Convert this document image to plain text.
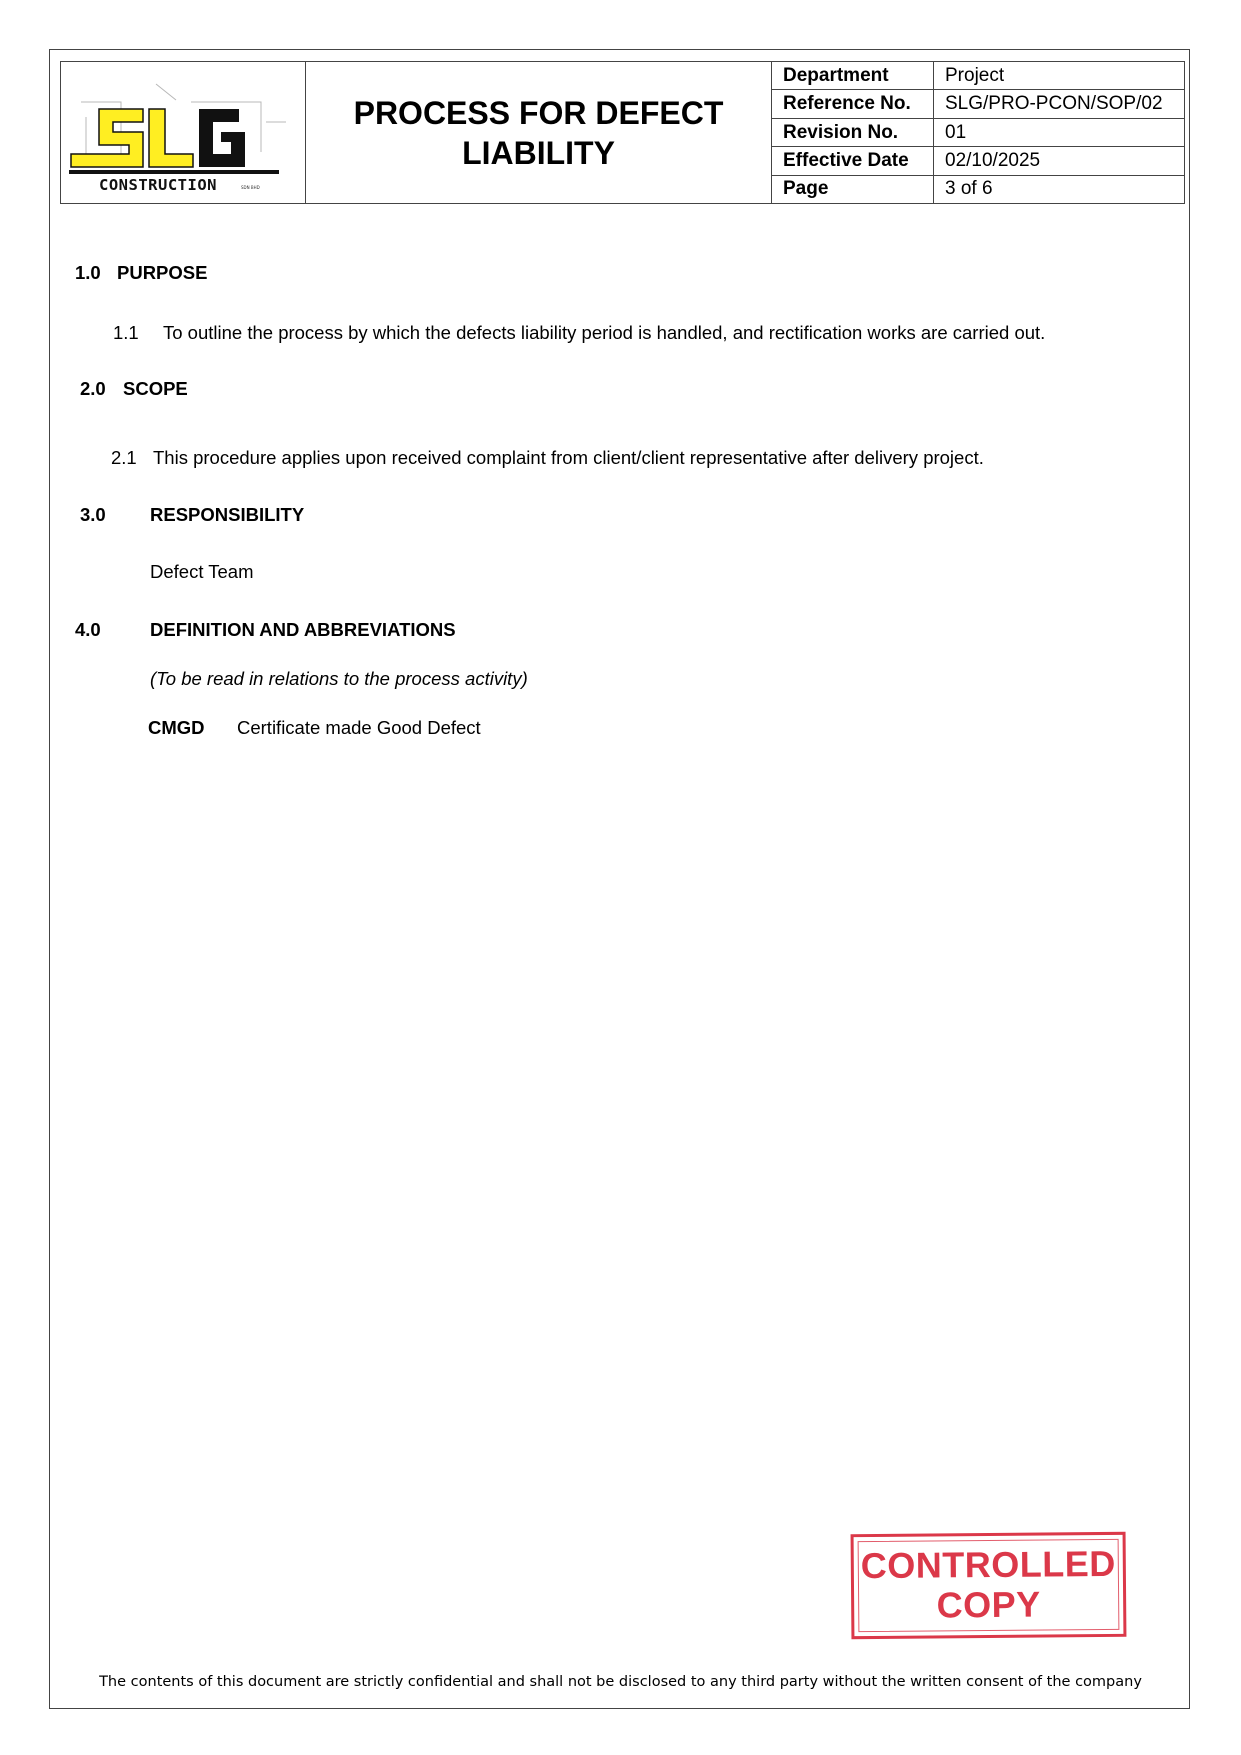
CONSTRUCTION	SDN BHD
PROCESS FOR DEFECT LIABILITY
Department	Project
Reference No.	SLG/PRO-PCON/SOP/02
Revision No.	01
Effective Date	02/10/2025
Page	3 of 6
1.0 PURPOSE
1.1 To outline the process by which the defects liability period is handled, and rectification works are carried out.
2.0 SCOPE
2.1 This procedure applies upon received complaint from client/client representative after delivery project.
3.0 RESPONSIBILITY
Defect Team
4.0	DEFINITION AND ABBREVIATIONS
(To be read in relations to the process activity)
CMGD Certificate made Good Defect
CONTROLLED
COPY
The contents of this document are strictly confidential and shall not be disclosed to any third party without the written consent of the company
